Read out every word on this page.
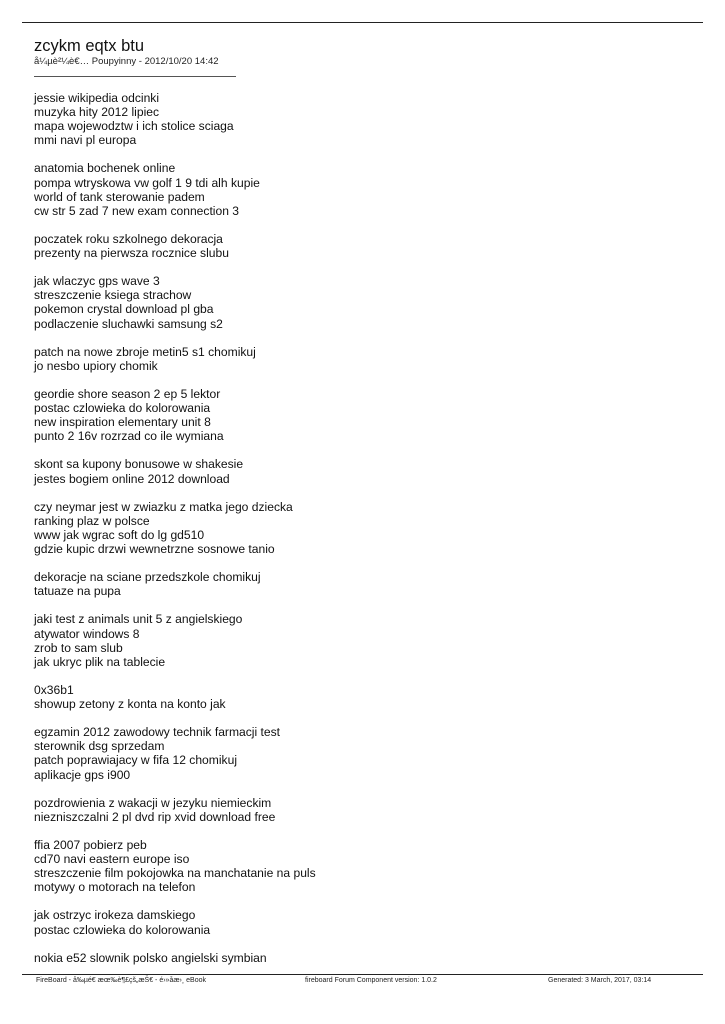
zcykm eqtx btu
å¼µè²¼è€… Poupyinny - 2012/10/20 14:42
jessie wikipedia odcinki
muzyka hity 2012 lipiec
mapa wojewodztw i ich stolice sciaga
mmi navi pl europa
anatomia bochenek online
pompa wtryskowa vw golf 1 9 tdi alh kupie
world of tank sterowanie padem
cw str 5 zad 7 new exam connection 3
poczatek roku szkolnego dekoracja
prezenty na pierwsza rocznice slubu
jak wlaczyc gps wave 3
streszczenie ksiega strachow
pokemon crystal download pl gba
podlaczenie sluchawki samsung s2
patch na nowe zbroje metin5 s1 chomikuj
jo nesbo upiory chomik
geordie shore season 2 ep 5 lektor
postac czlowieka do kolorowania
new inspiration elementary unit 8
punto 2 16v rozrzad co ile wymiana
skont sa kupony bonusowe w shakesie
jestes bogiem online 2012 download
czy neymar jest w zwiazku z matka jego dziecka
ranking plaz w polsce
www jak wgrac soft do lg gd510
gdzie kupic drzwi wewnetrzne sosnowe tanio
dekoracje na sciane przedszkole chomikuj
tatuaze na pupa
jaki test z animals unit 5 z angielskiego
atywator windows 8
zrob to sam slub
jak ukryc plik na tablecie
0x36b1
showup zetony z konta na konto jak
egzamin 2012 zawodowy technik farmacji test
sterownik dsg sprzedam
patch poprawiajacy w fifa 12 chomikuj
aplikacje gps i900
pozdrowienia z wakacji w jezyku niemieckim
niezniszczalni 2 pl dvd rip xvid download free
ffia 2007 pobierz peb
cd70 navi eastern europe iso
streszczenie film pokojowka na manchatanie na puls
motywy o motorach na telefon
jak ostrzyc irokeza damskiego
postac czlowieka do kolorowania
nokia e52 slownik polsko angielski symbian
FireBoard - å‰µé€ æœ‰è¶£çš„æŠ€ - é›»åæ›¸ eBook	fireboard Forum Component version: 1.0.2	Generated: 3 March, 2017, 03:14
